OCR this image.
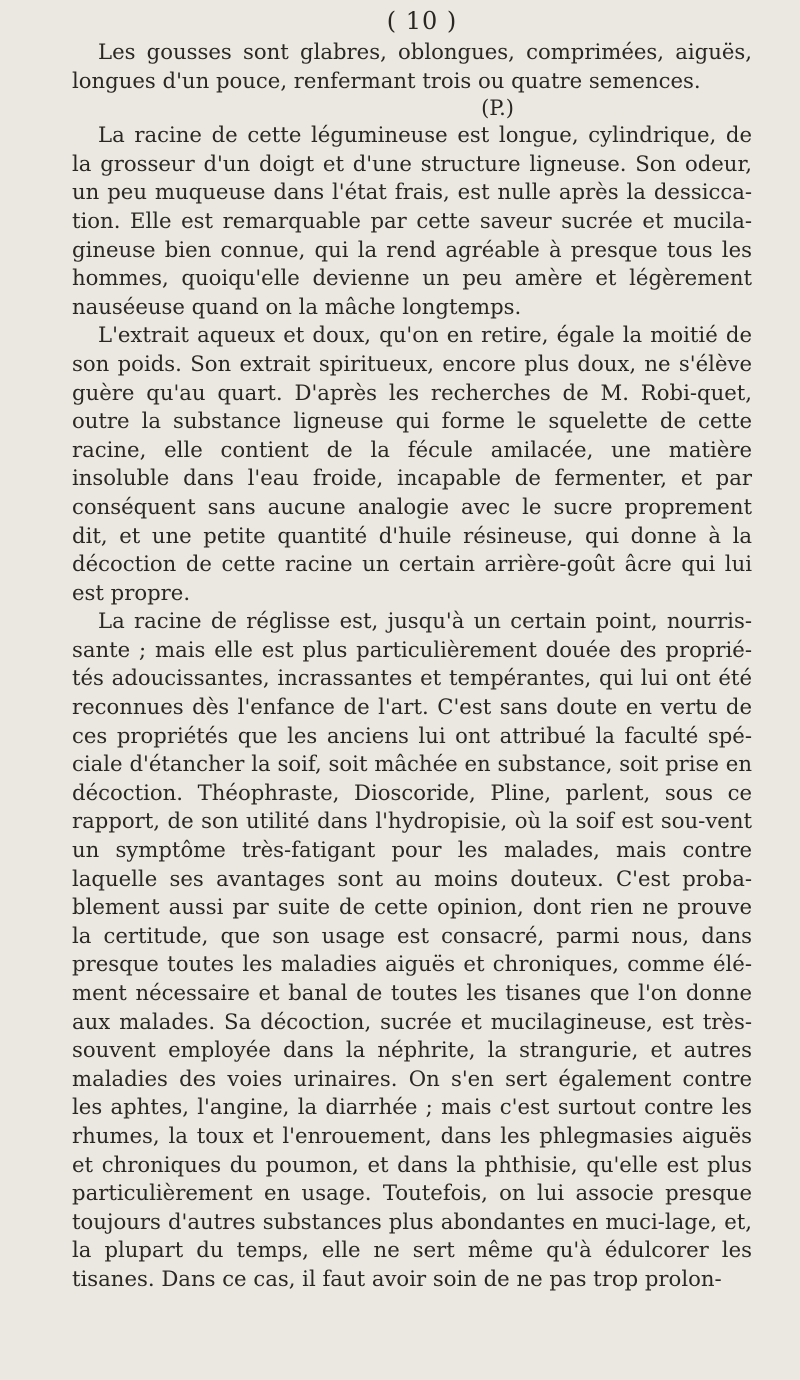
( 10 )

Les gousses sont glabres, oblongues, comprimées, aiguës, longues d'un pouce, renfermant trois ou quatre semences.

(P.)

La racine de cette légumineuse est longue, cylindrique, de la grosseur d'un doigt et d'une structure ligneuse. Son odeur, un peu muqueuse dans l'état frais, est nulle après la dessicca-tion. Elle est remarquable par cette saveur sucrée et mucila-gineuse bien connue, qui la rend agréable à presque tous les hommes, quoiqu'elle devienne un peu amère et légèrement nauséeuse quand on la mâche longtemps.

L'extrait aqueux et doux, qu'on en retire, égale la moitié de son poids. Son extrait spiritueux, encore plus doux, ne s'élève guère qu'au quart. D'après les recherches de M. Robi-quet, outre la substance ligneuse qui forme le squelette de cette racine, elle contient de la fécule amilacée, une matière insoluble dans l'eau froide, incapable de fermenter, et par conséquent sans aucune analogie avec le sucre proprement dit, et une petite quantité d'huile résineuse, qui donne à la décoction de cette racine un certain arrière-goût âcre qui lui est propre.

La racine de réglisse est, jusqu'à un certain point, nourris-sante ; mais elle est plus particulièrement douée des proprié-tés adoucissantes, incrassantes et tempérantes, qui lui ont été reconnues dès l'enfance de l'art. C'est sans doute en vertu de ces propriétés que les anciens lui ont attribué la faculté spé-ciale d'étancher la soif, soit mâchée en substance, soit prise en décoction. Théophraste, Dioscoride, Pline, parlent, sous ce rapport, de son utilité dans l'hydropisie, où la soif est sou-vent un symptôme très-fatigant pour les malades, mais contre laquelle ses avantages sont au moins douteux. C'est proba-blement aussi par suite de cette opinion, dont rien ne prouve la certitude, que son usage est consacré, parmi nous, dans presque toutes les maladies aiguës et chroniques, comme élé-ment nécessaire et banal de toutes les tisanes que l'on donne aux malades. Sa décoction, sucrée et mucilagineuse, est très-souvent employée dans la néphrite, la strangurie, et autres maladies des voies urinaires. On s'en sert également contre les aphtes, l'angine, la diarrhée ; mais c'est surtout contre les rhumes, la toux et l'enrouement, dans les phlegmasies aiguës et chroniques du poumon, et dans la phthisie, qu'elle est plus particulièrement en usage. Toutefois, on lui associe presque toujours d'autres substances plus abondantes en muci-lage, et, la plupart du temps, elle ne sert même qu'à édulcorer les tisanes. Dans ce cas, il faut avoir soin de ne pas trop prolon-
